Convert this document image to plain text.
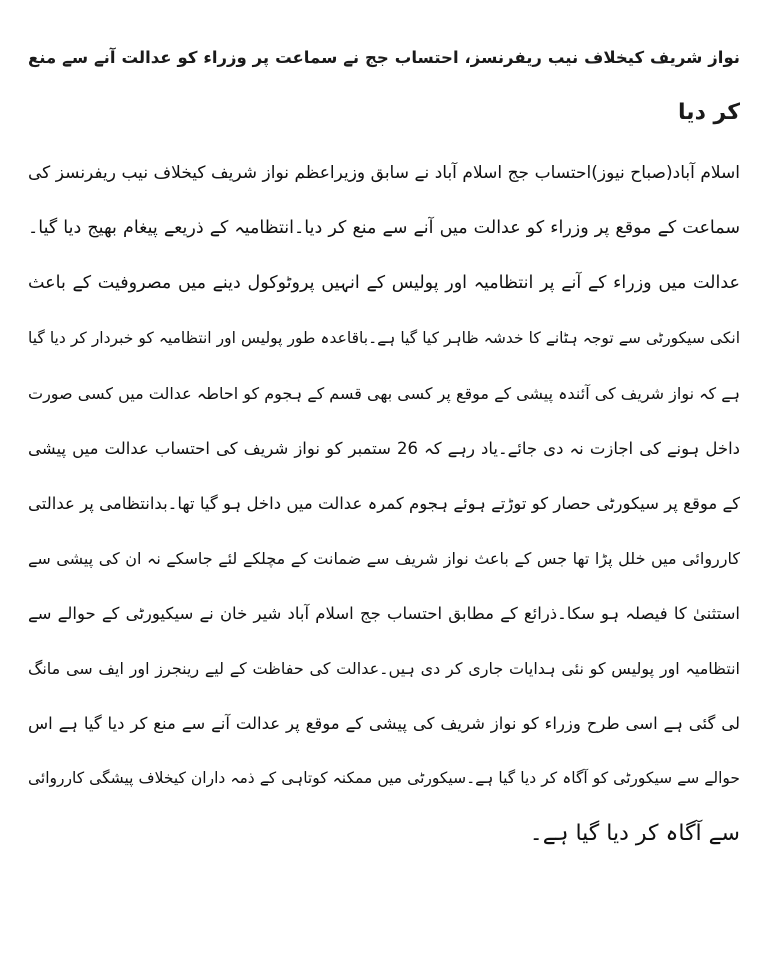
نواز شریف کیخلاف نیب ریفرنسز، احتساب جج نے سماعت پر وزراء کو عدالت آنے سے منع
کر دیا
اسلام آباد(صباح نیوز)احتساب جج اسلام آباد نے سابق وزیراعظم نواز شریف کیخلاف نیب ریفرنسز کی
سماعت کے موقع پر وزراء کو عدالت میں آنے سے منع کر دیا۔انتظامیہ کے ذریعے پیغام بھیج دیا گیا۔
عدالت میں وزراء کے آنے پر انتظامیہ اور پولیس کے انہیں پروٹوکول دینے میں مصروفیت کے باعث
انکی سیکورٹی سے توجہ ہٹانے کا خدشہ ظاہر کیا گیا ہے۔باقاعدہ طور پولیس اور انتظامیہ کو خبردار کر دیا گیا
ہے کہ نواز شریف کی آئندہ پیشی کے موقع پر کسی بھی قسم کے ہجوم کو احاطہ عدالت میں کسی صورت
داخل ہونے کی اجازت نہ دی جائے۔یاد رہے کہ 26 ستمبر کو نواز شریف کی احتساب عدالت میں پیشی
کے موقع پر سیکورٹی حصار کو توڑتے ہوئے ہجوم کمرہ عدالت میں داخل ہو گیا تھا۔بدانتظامی پر عدالتی
کارروائی میں خلل پڑا تھا جس کے باعث نواز شریف سے ضمانت کے مچلکے لئے جاسکے نہ ان کی پیشی سے
استثنیٰ کا فیصلہ ہو سکا۔ذرائع کے مطابق احتساب جج اسلام آباد شیر خان نے سیکیورٹی کے حوالے سے
انتظامیہ اور پولیس کو نئی ہدایات جاری کر دی ہیں۔عدالت کی حفاظت کے لیے رینجرز اور ایف سی مانگ
لی گئی ہے اسی طرح وزراء کو نواز شریف کی پیشی کے موقع پر عدالت آنے سے منع کر دیا گیا ہے اس
حوالے سے سیکورٹی کو آگاہ کر دیا گیا ہے۔سیکورٹی میں ممکنہ کوتاہی کے ذمہ داران کیخلاف پیشگی کارروائی
سے آگاہ کر دیا گیا ہے۔
